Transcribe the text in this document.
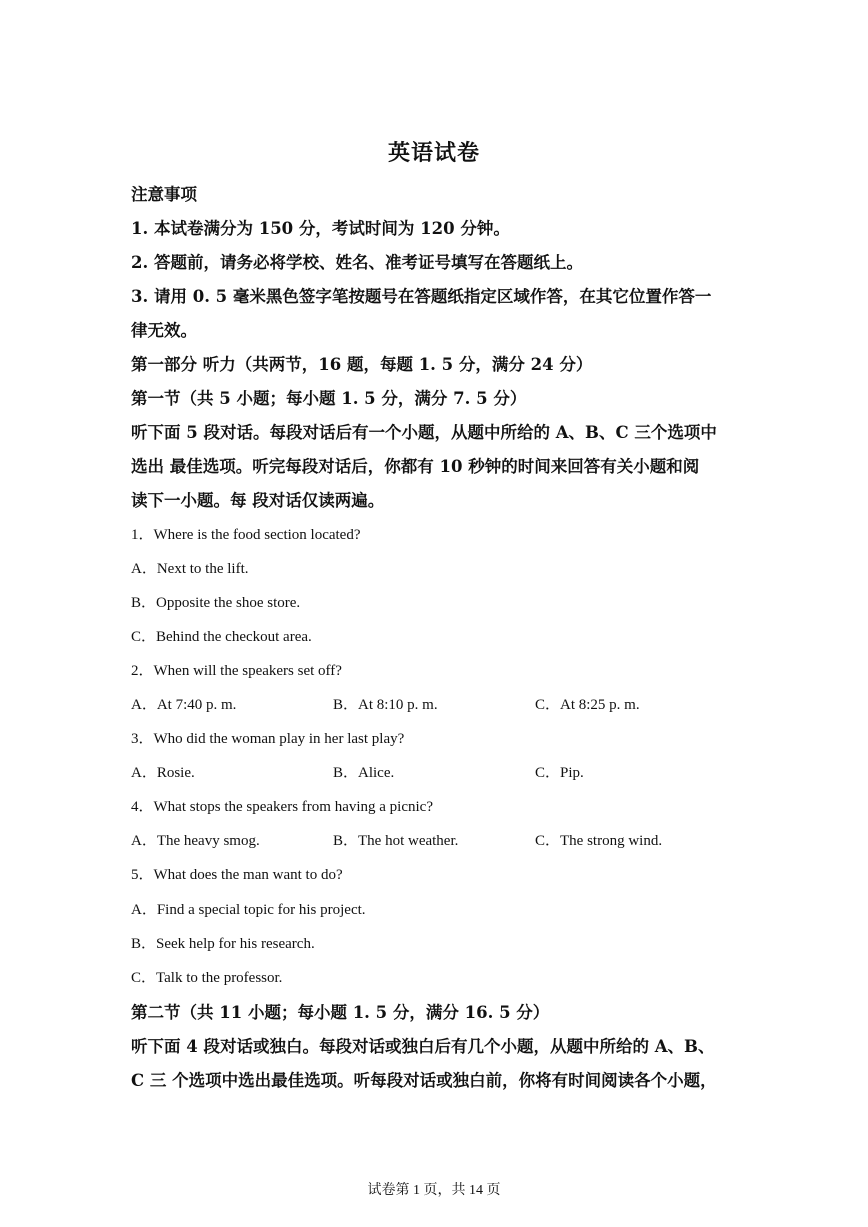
英语试卷
注意事项
1. 本试卷满分为 150 分，考试时间为 120 分钟。
2. 答题前，请务必将学校、姓名、准考证号填写在答题纸上。
3. 请用 0. 5 毫米黑色签字笔按题号在答题纸指定区域作答，在其它位置作答一
律无效。
第一部分 听力（共两节，16 题，每题 1. 5 分，满分 24 分）
第一节（共 5 小题；每小题 1. 5 分，满分 7. 5 分）
听下面 5 段对话。每段对话后有一个小题，从题中所给的 A、B、C 三个选项中
选出 最佳选项。听完每段对话后，你都有 10 秒钟的时间来回答有关小题和阅
读下一小题。每 段对话仅读两遍。
1．Where is the food section located?
A．Next to the lift.
B．Opposite the shoe store.
C．Behind the checkout area.
2．When will the speakers set off?
A．At 7:40 p. m.	B．At 8:10 p. m.	C．At 8:25 p. m.
3．Who did the woman play in her last play?
A．Rosie.	B．Alice.	C．Pip.
4．What stops the speakers from having a picnic?
A．The heavy smog.	B．The hot weather.	C．The strong wind.
5．What does the man want to do?
A．Find a special topic for his project.
B．Seek help for his research.
C．Talk to the professor.
第二节（共 11 小题；每小题 1. 5 分，满分 16. 5 分）
听下面 4 段对话或独白。每段对话或独白后有几个小题，从题中所给的 A、B、
C 三 个选项中选出最佳选项。听每段对话或独白前，你将有时间阅读各个小题，
试卷第 1 页，共 14 页
